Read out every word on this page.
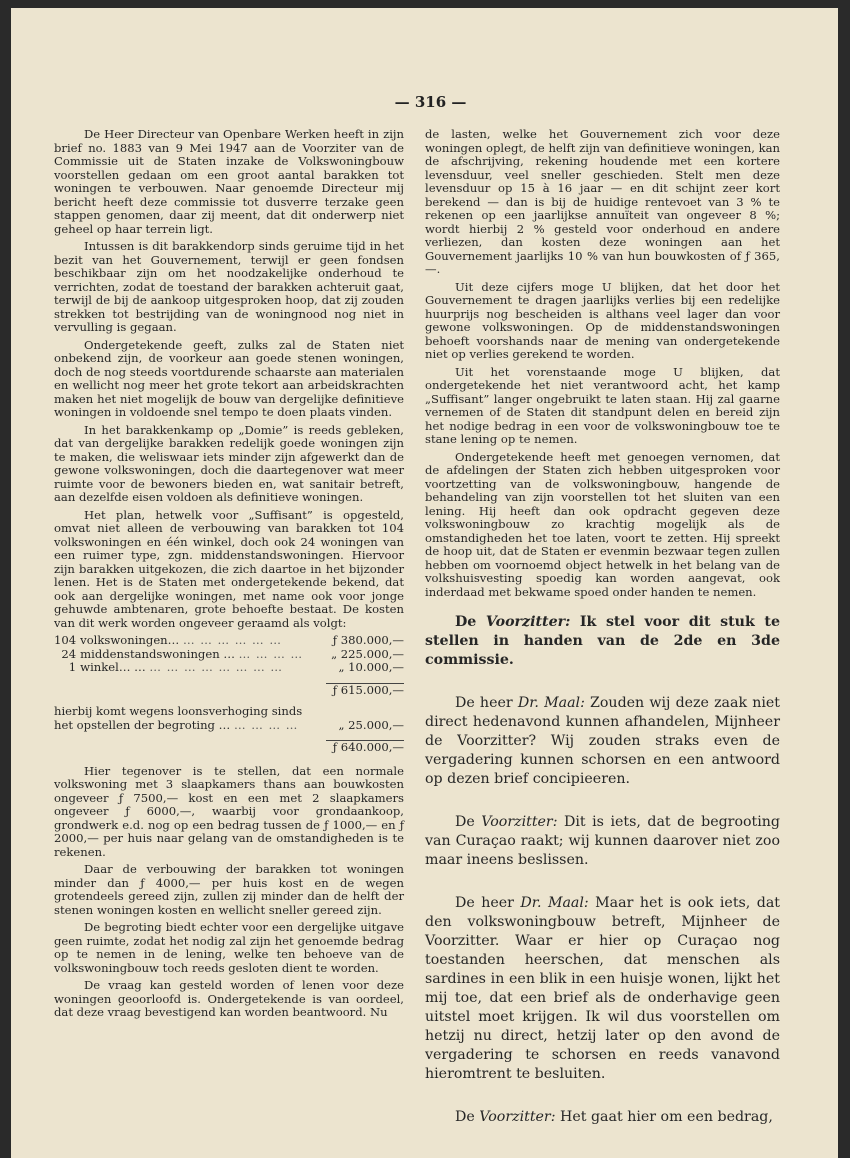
— 316 —

De Heer Directeur van Openbare Werken heeft in zijn brief no. 1883 van 9 Mei 1947 aan de Voorziter van de Commissie uit de Staten inzake de Volkswoningbouw voorstellen gedaan om een groot aantal barakken tot woningen te verbouwen. Naar genoemde Directeur mij bericht heeft deze commissie tot dusverre terzake geen stappen genomen, daar zij meent, dat dit onderwerp niet geheel op haar terrein ligt.

Intussen is dit barakkendorp sinds geruime tijd in het bezit van het Gouvernement, terwijl er geen fondsen beschikbaar zijn om het noodzakelijke onderhoud te verrichten, zodat de toestand der barakken achteruit gaat, terwijl de bij de aankoop uitgesproken hoop, dat zij zouden strekken tot bestrijding van de woningnood nog niet in vervulling is gegaan.

Ondergetekende geeft, zulks zal de Staten niet onbekend zijn, de voorkeur aan goede stenen woningen, doch de nog steeds voortdurende schaarste aan materialen en wellicht nog meer het grote tekort aan arbeidskrachten maken het niet mogelijk de bouw van dergelijke definitieve woningen in voldoende snel tempo te doen plaats vinden.

In het barakkenkamp op „Domie” is reeds gebleken, dat van dergelijke barakken redelijk goede woningen zijn te maken, die weliswaar iets minder zijn afgewerkt dan de gewone volkswoningen, doch die daartegenover wat meer ruimte voor de bewoners bieden en, wat sanitair betreft, aan dezelfde eisen voldoen als definitieve woningen.

Het plan, hetwelk voor „Suffisant” is opgesteld, omvat niet alleen de verbouwing van barakken tot 104 volkswoningen en één winkel, doch ook 24 woningen van een ruimer type, zgn. middenstandswoningen. Hiervoor zijn barakken uitgekozen, die zich daartoe in het bijzonder lenen. Het is de Staten met ondergetekende bekend, dat ook aan dergelijke woningen, met name ook voor jonge gehuwde ambtenaren, grote behoefte bestaat. De kosten van dit werk worden ongeveer geraamd als volgt:

104	volkswoningen… … … … … … …	ƒ 380.000,—
24	middenstandswoningen … … … … …	„ 225.000,—
1	winkel… … … … … … … … … …	„ 10.000,—

		ƒ 615.000,—

hierbij komt wegens loonsverhoging sinds		
het opstellen der begroting … … … … …		„ 25.000,—

		ƒ 640.000,—

Hier tegenover is te stellen, dat een normale volkswoning met 3 slaapkamers thans aan bouwkosten ongeveer ƒ 7500,— kost en een met 2 slaapkamers ongeveer ƒ 6000,—, waarbij voor grondaankoop, grondwerk e.d. nog op een bedrag tussen de ƒ 1000,— en ƒ 2000,— per huis naar gelang van de omstandigheden is te rekenen.

Daar de verbouwing der barakken tot woningen minder dan ƒ 4000,— per huis kost en de wegen grotendeels gereed zijn, zullen zij minder dan de helft der stenen woningen kosten en wellicht sneller gereed zijn.

De begroting biedt echter voor een dergelijke uitgave geen ruimte, zodat het nodig zal zijn het genoemde bedrag op te nemen in de lening, welke ten behoeve van de volkswoningbouw toch reeds gesloten dient te worden.

De vraag kan gesteld worden of lenen voor deze woningen geoorloofd is. Ondergetekende is van oordeel, dat deze vraag bevestigend kan worden beantwoord. Nu

de lasten, welke het Gouvernement zich voor deze woningen oplegt, de helft zijn van definitieve woningen, kan de afschrijving, rekening houdende met een kortere levensduur, veel sneller geschieden. Stelt men deze levensduur op 15 à 16 jaar — en dit schijnt zeer kort berekend — dan is bij de huidige rentevoet van 3 % te rekenen op een jaarlijkse annuïteit van ongeveer 8 %; wordt hierbij 2 % gesteld voor onderhoud en andere verliezen, dan kosten deze woningen aan het Gouvernement jaarlijks 10 % van hun bouwkosten of ƒ 365,—.

Uit deze cijfers moge U blijken, dat het door het Gouvernement te dragen jaarlijks verlies bij een redelijke huurprijs nog bescheiden is althans veel lager dan voor gewone volkswoningen. Op de middenstandswoningen behoeft voorshands naar de mening van ondergetekende niet op verlies gerekend te worden.

Uit het vorenstaande moge U blijken, dat ondergetekende het niet verantwoord acht, het kamp „Suffisant” langer ongebruikt te laten staan. Hij zal gaarne vernemen of de Staten dit standpunt delen en bereid zijn het nodige bedrag in een voor de volkswoningbouw toe te stane lening op te nemen.

Ondergetekende heeft met genoegen vernomen, dat de afdelingen der Staten zich hebben uitgesproken voor voortzetting van de volkswoningbouw, hangende de behandeling van zijn voorstellen tot het sluiten van een lening. Hij heeft dan ook opdracht gegeven deze volkswoningbouw zo krachtig mogelijk als de omstandigheden het toe laten, voort te zetten. Hij spreekt de hoop uit, dat de Staten er evenmin bezwaar tegen zullen hebben om voornoemd object hetwelk in het belang van de volkshuisvesting spoedig kan worden aangevat, ook inderdaad met bekwame spoed onder handen te nemen.

De Voorzitter: Ik stel voor dit stuk te stellen in handen van de 2de en 3de commissie.

De heer Dr. Maal: Zouden wij deze zaak niet direct hedenavond kunnen afhandelen, Mijnheer de Voorzitter? Wij zouden straks even de vergadering kunnen schorsen en een antwoord op dezen brief concipieeren.

De Voorzitter: Dit is iets, dat de begrooting van Curaçao raakt; wij kunnen daarover niet zoo maar ineens beslissen.

De heer Dr. Maal: Maar het is ook iets, dat den volkswoningbouw betreft, Mijnheer de Voorzitter. Waar er hier op Curaçao nog toestanden heerschen, dat menschen als sardines in een blik in een huisje wonen, lijkt het mij toe, dat een brief als de onderhavige geen uitstel moet krijgen. Ik wil dus voorstellen om hetzij nu direct, hetzij later op den avond de vergadering te schorsen en reeds vanavond hieromtrent te besluiten.

De Voorzitter: Het gaat hier om een bedrag,
